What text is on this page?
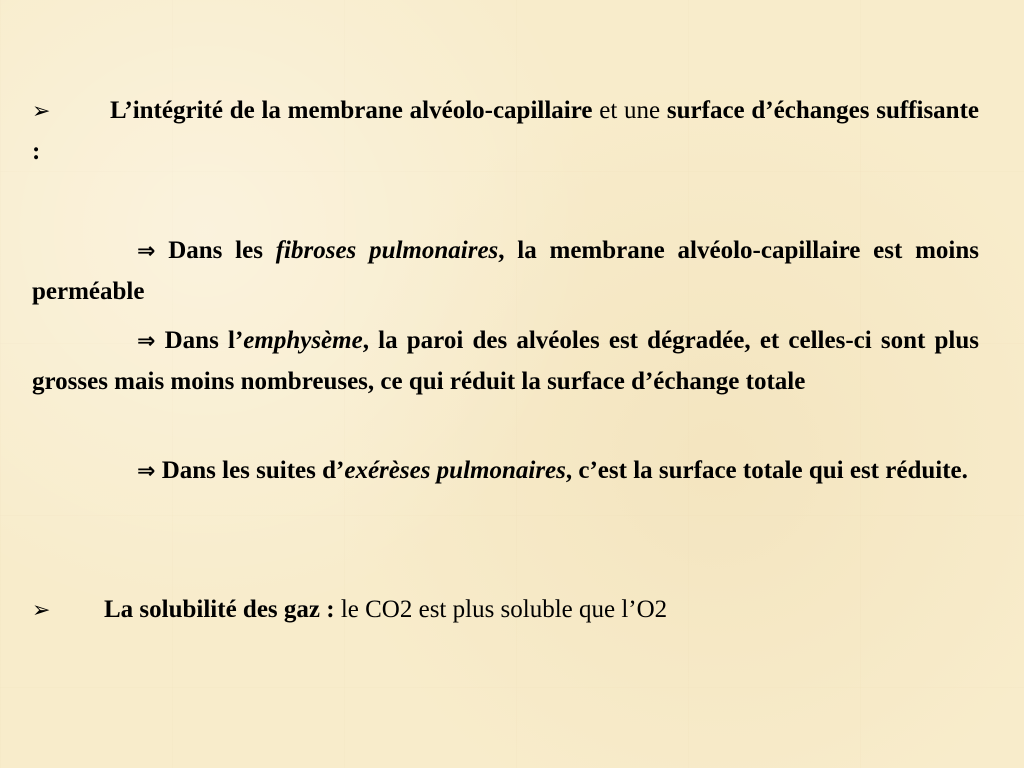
➢ L’intégrité de la membrane alvéolo-capillaire et une surface d’échanges suffisante :
⇒ Dans les fibroses pulmonaires, la membrane alvéolo-capillaire est moins perméable
⇒ Dans l’emphysème, la paroi des alvéoles est dégradée, et celles-ci sont plus grosses mais moins nombreuses, ce qui réduit la surface d’échange totale
⇒ Dans les suites d’exérèses pulmonaires, c’est la surface totale qui est réduite.
➢ La solubilité des gaz : le CO2 est plus soluble que l’O2
